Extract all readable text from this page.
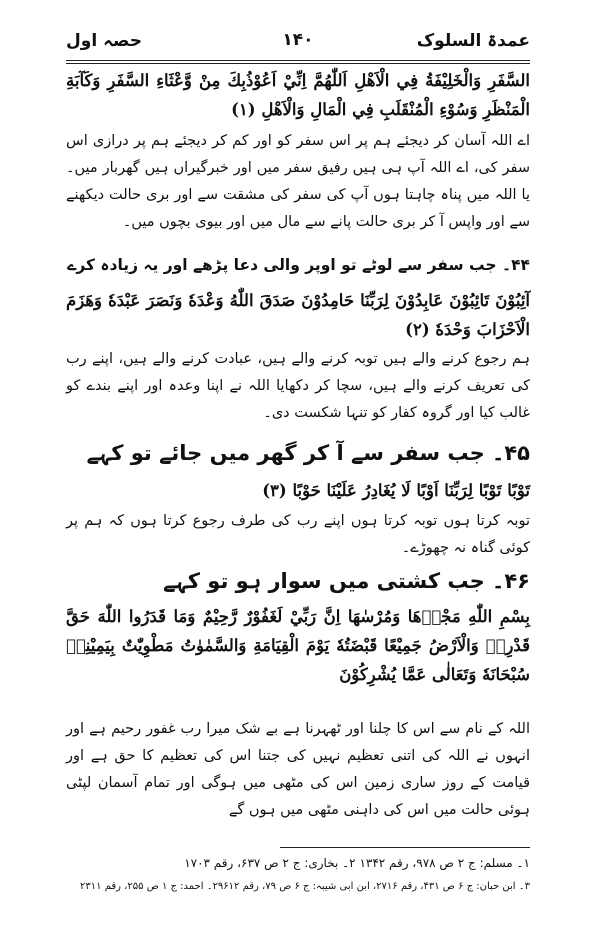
عمدۃ السلوک
۱۴۰
حصہ اول
السَّفَرِ وَالْخَلِيْفَةُ فِي الْاَهْلِ اَللّٰهُمَّ اِنِّيْ اَعُوْذُبِكَ مِنْ وَّعْثَاءِ السَّفَرِ وَكَآبَةِ الْمَنْظَرِ وَسُوْءِ الْمُنْقَلَبِ فِي الْمَالِ وَالْاَهْلِ (۱)
اے اللہ آسان کر دیجئے ہم پر اس سفر کو اور کم کر دیجئے ہم پر درازی اس سفر کی، اے اللہ آپ ہی ہیں رفیق سفر میں اور خبرگیراں ہیں گھربار میں۔ یا اللہ میں پناہ چاہتا ہوں آپ کی سفر کی مشقت سے اور بری حالت دیکھنے سے اور واپس آ کر بری حالت پانے سے مال میں اور بیوی بچوں میں۔
۴۴۔ جب سفر سے لوٹے تو اوپر والی دعا پڑھے اور یہ زیادہ کرے
آئِبُوْنَ تَائِبُوْنَ عَابِدُوْنَ لِرَبِّنَا حَامِدُوْنَ صَدَقَ اللّٰهُ وَعْدَهٗ وَنَصَرَ عَبْدَهٗ وَهَزَمَ الْاَحْزَابَ وَحْدَهٗ (۲)
ہم رجوع کرنے والے ہیں توبہ کرنے والے ہیں، عبادت کرنے والے ہیں، اپنے رب کی تعریف کرنے والے ہیں، سچا کر دکھایا اللہ نے اپنا وعدہ اور اپنے بندے کو غالب کیا اور گروہ کفار کو تنہا شکست دی۔
۴۵۔ جب سفر سے آ کر گھر میں جائے تو کہے
تَوْبًا تَوْبًا لِرَبِّنَا اَوْبًا لَا يُغَادِرُ عَلَيْنَا حَوْبًا (۳)
توبہ کرتا ہوں توبہ کرتا ہوں اپنے رب کی طرف رجوع کرتا ہوں کہ ہم پر کوئی گناہ نہ چھوڑے۔
۴۶۔ جب کشتی میں سوار ہو تو کہے
بِسْمِ اللّٰهِ مَجْرٖهَا وَمُرْسٰهَا اِنَّ رَبِّيْ لَغَفُوْرٌ رَّحِيْمٌ وَمَا قَدَرُوا اللّٰهَ حَقَّ قَدْرِهٖ وَالْاَرْضُ جَمِيْعًا قَبْضَتُهٗ يَوْمَ الْقِيَامَةِ وَالسَّمٰوٰتُ مَطْوِيّٰتٌ بِيَمِيْنِهٖ سُبْحَانَهٗ وَتَعَالٰى عَمَّا يُشْرِكُوْنَ
اللہ کے نام سے اس کا چلنا اور ٹھہرنا ہے بے شک میرا رب غفور رحیم ہے اور انہوں نے اللہ کی اتنی تعظیم نہیں کی جتنا اس کی تعظیم کا حق ہے اور قیامت کے روز ساری زمین اس کی مٹھی میں ہوگی اور تمام آسمان لپٹی ہوئی حالت میں اس کی داہنی مٹھی میں ہوں گے
۱۔ مسلم: ج ۲ ص ۹۷۸، رقم ۱۳۴۲ ۲۔ بخاری: ج ۲ ص ۶۳۷، رقم ۱۷۰۳
۳۔ ابن حبان: ج ۶ ص ۴۳۱، رقم ۲۷۱۶، ابن ابی شیبہ: ج ۶ ص ۷۹، رقم ۲۹۶۱۲۔ احمد: ج ۱ ص ۲۵۵، رقم ۲۳۱۱
